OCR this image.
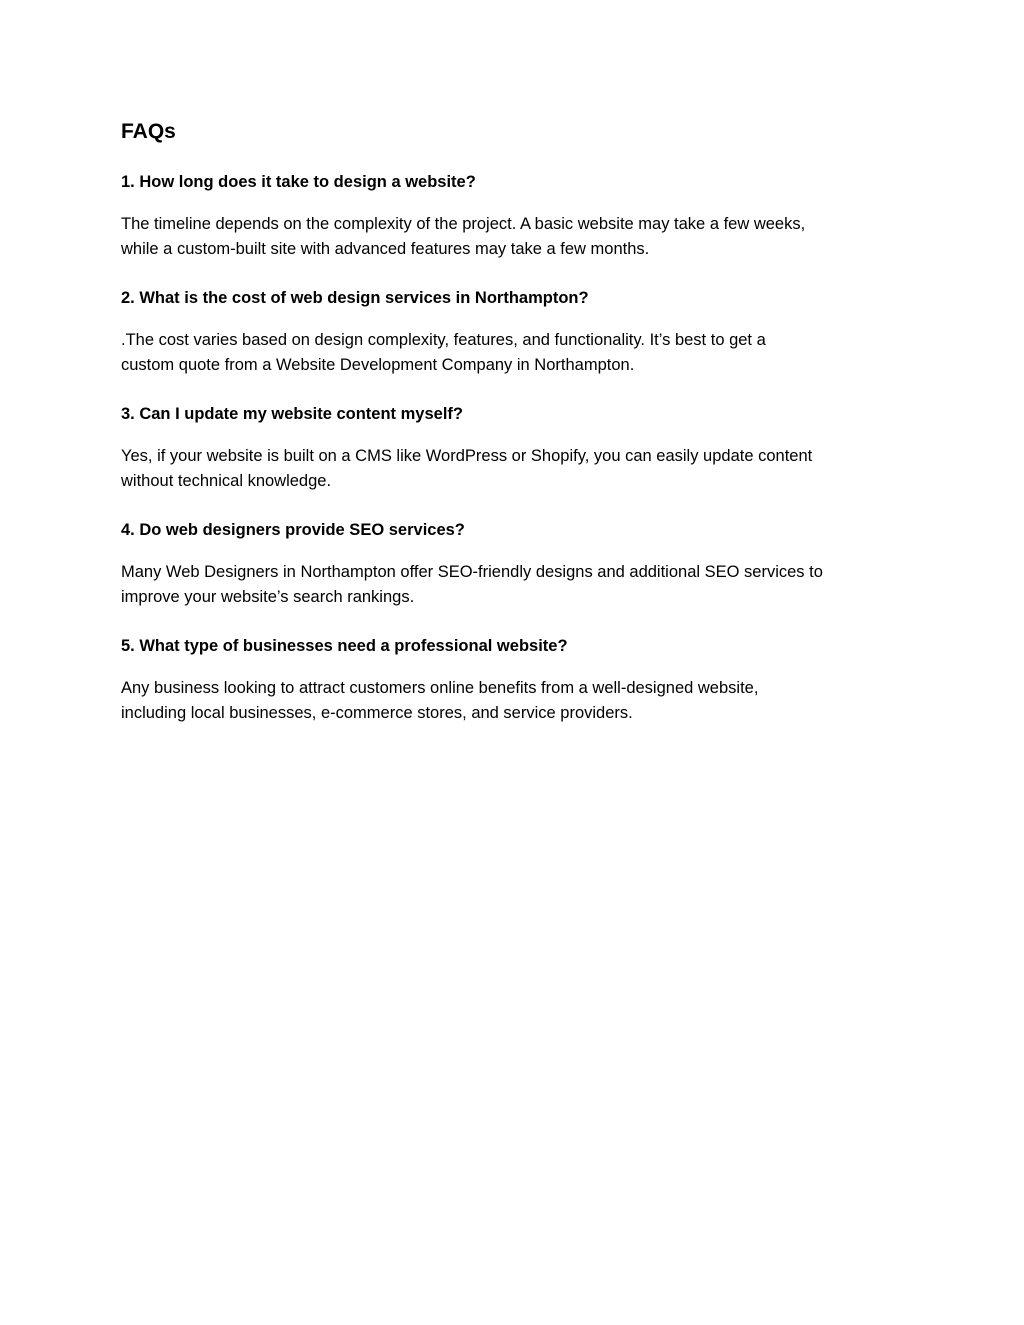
FAQs

1. How long does it take to design a website?

The timeline depends on the complexity of the project. A basic website may take a few weeks,
while a custom-built site with advanced features may take a few months.

2. What is the cost of web design services in Northampton?

.The cost varies based on design complexity, features, and functionality. It’s best to get a
custom quote from a Website Development Company in Northampton.

3. Can I update my website content myself?

Yes, if your website is built on a CMS like WordPress or Shopify, you can easily update content
without technical knowledge.

4. Do web designers provide SEO services?

Many Web Designers in Northampton offer SEO-friendly designs and additional SEO services to
improve your website’s search rankings.

5. What type of businesses need a professional website?

Any business looking to attract customers online benefits from a well-designed website,
including local businesses, e-commerce stores, and service providers.
